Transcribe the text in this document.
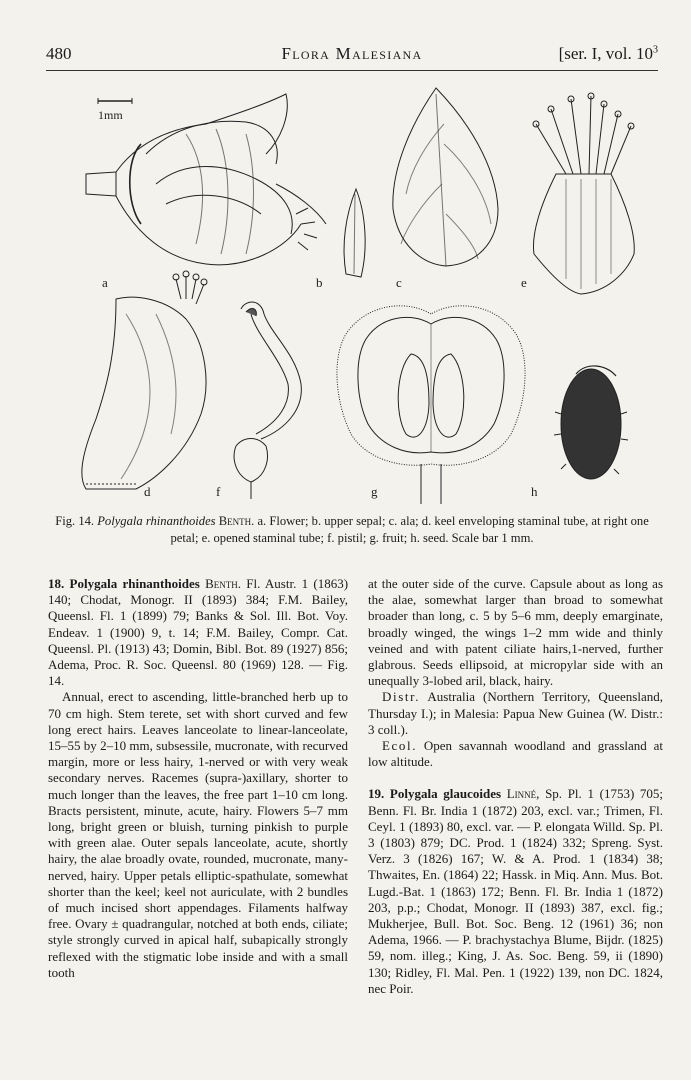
480	Flora Malesiana	[ser. I, vol. $10^3$
1mm
a	b	c	e
d	f	g	h
Fig. 14. Polygala rhinanthoides Benth. a. Flower; b. upper sepal; c. ala; d. keel enveloping staminal tube, at right one petal; e. opened staminal tube; f. pistil; g. fruit; h. seed. Scale bar 1 mm.

18. Polygala rhinanthoides Benth. Fl. Austr. 1 (1863) 140; Chodat, Monogr. II (1893) 384; F.M. Bailey, Queensl. Fl. 1 (1899) 79; Banks & Sol. Ill. Bot. Voy. Endeav. 1 (1900) 9, t. 14; F.M. Bailey, Compr. Cat. Queensl. Pl. (1913) 43; Domin, Bibl. Bot. 89 (1927) 856; Adema, Proc. R. Soc. Queensl. 80 (1969) 128. — Fig. 14.

Annual, erect to ascending, little-branched herb up to 70 cm high. Stem terete, set with short curved and few long erect hairs. Leaves lanceolate to linear-lanceolate, 15–55 by 2–10 mm, subsessile, mucronate, with recurved margin, more or less hairy, 1-nerved or with very weak secondary nerves. Racemes (supra-)axillary, shorter to much longer than the leaves, the free part 1–10 cm long. Bracts persistent, minute, acute, hairy. Flowers 5–7 mm long, bright green or bluish, turning pinkish to purple with green alae. Outer sepals lanceolate, acute, shortly hairy, the alae broadly ovate, rounded, mucronate, many-nerved, hairy. Upper petals elliptic-spathulate, somewhat shorter than the keel; keel not auriculate, with 2 bundles of much incised short appendages. Filaments halfway free. Ovary ± quadrangular, notched at both ends, ciliate; style strongly curved in apical half, subapically strongly reflexed with the stigmatic lobe inside and with a small tooth

at the outer side of the curve. Capsule about as long as the alae, somewhat larger than broad to somewhat broader than long, c. 5 by 5–6 mm, deeply emarginate, broadly winged, the wings 1–2 mm wide and thinly veined and with patent ciliate hairs,1-nerved, further glabrous. Seeds ellipsoid, at micropylar side with an unequally 3-lobed aril, black, hairy.

Distr. Australia (Northern Territory, Queensland, Thursday I.); in Malesia: Papua New Guinea (W. Distr.: 3 coll.).

Ecol. Open savannah woodland and grassland at low altitude.

19. Polygala glaucoides Linné, Sp. Pl. 1 (1753) 705; Benn. Fl. Br. India 1 (1872) 203, excl. var.; Trimen, Fl. Ceyl. 1 (1893) 80, excl. var. — P. elongata Willd. Sp. Pl. 3 (1803) 879; DC. Prod. 1 (1824) 332; Spreng. Syst. Verz. 3 (1826) 167; W. & A. Prod. 1 (1834) 38; Thwaites, En. (1864) 22; Hassk. in Miq. Ann. Mus. Bot. Lugd.-Bat. 1 (1863) 172; Benn. Fl. Br. India 1 (1872) 203, p.p.; Chodat, Monogr. II (1893) 387, excl. fig.; Mukherjee, Bull. Bot. Soc. Beng. 12 (1961) 36; non Adema, 1966. — P. brachystachya Blume, Bijdr. (1825) 59, nom. illeg.; King, J. As. Soc. Beng. 59, ii (1890) 130; Ridley, Fl. Mal. Pen. 1 (1922) 139, non DC. 1824, nec Poir.
